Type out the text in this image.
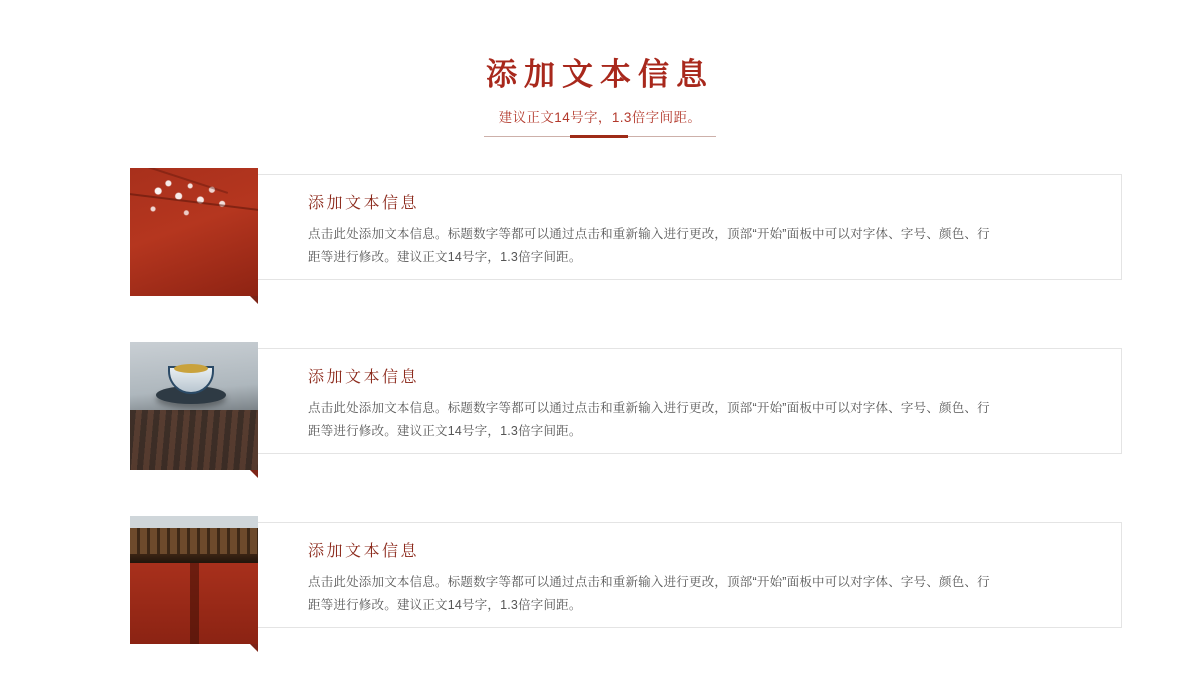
添加文本信息
建议正文14号字，1.3倍字间距。
添加文本信息
点击此处添加文本信息。标题数字等都可以通过点击和重新输入进行更改，顶部“开始”面板中可以对字体、字号、颜色、行距等进行修改。建议正文14号字，1.3倍字间距。
添加文本信息
点击此处添加文本信息。标题数字等都可以通过点击和重新输入进行更改，顶部“开始”面板中可以对字体、字号、颜色、行距等进行修改。建议正文14号字，1.3倍字间距。
添加文本信息
点击此处添加文本信息。标题数字等都可以通过点击和重新输入进行更改，顶部“开始”面板中可以对字体、字号、颜色、行距等进行修改。建议正文14号字，1.3倍字间距。
